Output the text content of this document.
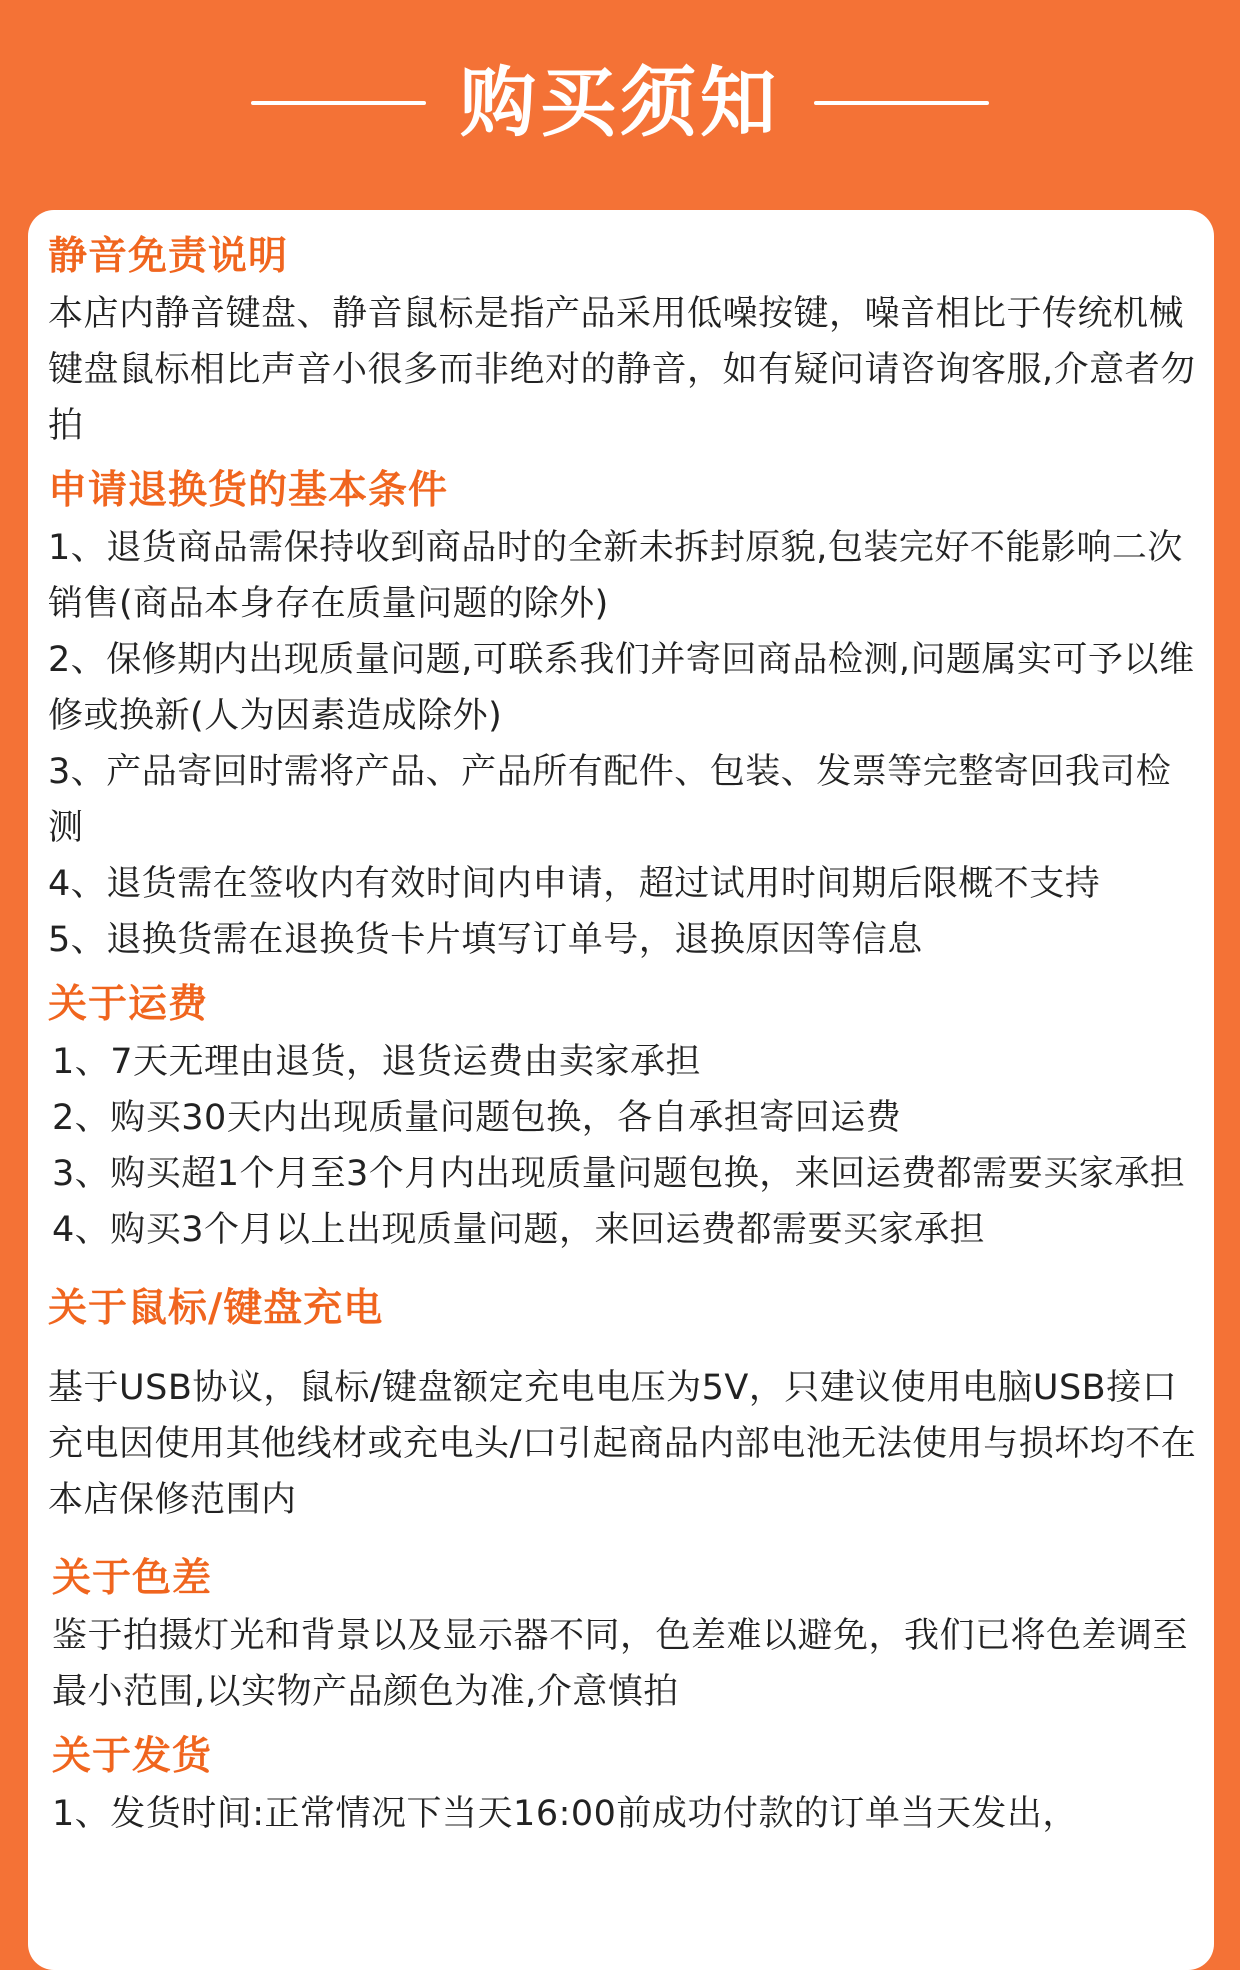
购买须知
静音免责说明

本店内静音键盘、静音鼠标是指产品采用低噪按键，噪音相比于传统机械键盘鼠标相比声音小很多而非绝对的静音，如有疑问请咨询客服,介意者勿拍

申请退换货的基本条件
1、退货商品需保持收到商品时的全新未拆封原貌,包装完好不能影响二次销售(商品本身存在质量问题的除外)
2、保修期内出现质量问题,可联系我们并寄回商品检测,问题属实可予以维修或换新(人为因素造成除外)
3、产品寄回时需将产品、产品所有配件、包装、发票等完整寄回我司检测
4、退货需在签收内有效时间内申请，超过试用时间期后限概不支持
5、退换货需在退换货卡片填写订单号，退换原因等信息
关于运费
1、7天无理由退货，退货运费由卖家承担
2、购买30天内出现质量问题包换，各自承担寄回运费
3、购买超1个月至3个月内出现质量问题包换，来回运费都需要买家承担
4、购买3个月以上出现质量问题，来回运费都需要买家承担
关于鼠标/键盘充电

基于USB协议，鼠标/键盘额定充电电压为5V，只建议使用电脑USB接口充电因使用其他线材或充电头/口引起商品内部电池无法使用与损坏均不在本店保修范围内

关于色差

鉴于拍摄灯光和背景以及显示器不同，色差难以避免，我们已将色差调至最小范围,以实物产品颜色为准,介意慎拍

关于发货
1、发货时间:正常情况下当天16:00前成功付款的订单当天发出，
